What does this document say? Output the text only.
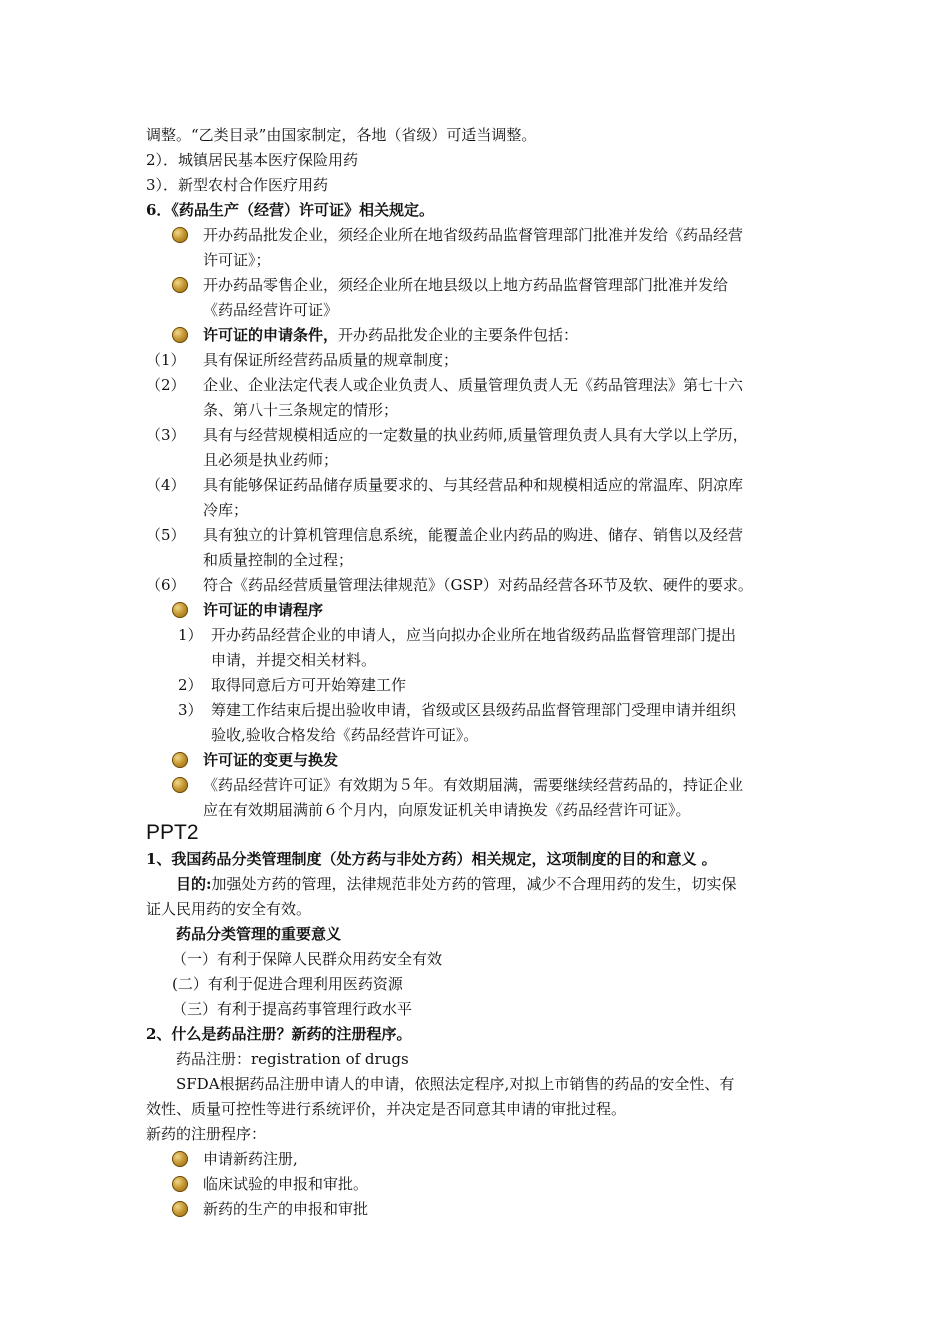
调整。“乙类目录”由国家制定，各地（省级）可适当调整。
2）．城镇居民基本医疗保险用药
3）．新型农村合作医疗用药
6．《药品生产（经营）许可证》相关规定。
开办药品批发企业，须经企业所在地省级药品监督管理部门批准并发给《药品经营
许可证》；
开办药品零售企业，须经企业所在地县级以上地方药品监督管理部门批准并发给
《药品经营许可证》
许可证的申请条件，开办药品批发企业的主要条件包括：
（1） 具有保证所经营药品质量的规章制度；
（2） 企业、企业法定代表人或企业负责人、质量管理负责人无《药品管理法》第七十六
条、第八十三条规定的情形；
（3） 具有与经营规模相适应的一定数量的执业药师,质量管理负责人具有大学以上学历，
且必须是执业药师；
（4） 具有能够保证药品储存质量要求的、与其经营品种和规模相适应的常温库、阴凉库
冷库；
（5） 具有独立的计算机管理信息系统，能覆盖企业内药品的购进、储存、销售以及经营
和质量控制的全过程；
（6） 符合《药品经营质量管理法律规范》（GSP）对药品经营各环节及软、硬件的要求。
许可证的申请程序
1） 开办药品经营企业的申请人，应当向拟办企业所在地省级药品监督管理部门提出
申请，并提交相关材料。
2） 取得同意后方可开始筹建工作
3） 筹建工作结束后提出验收申请，省级或区县级药品监督管理部门受理申请并组织
验收,验收合格发给《药品经营许可证》。
许可证的变更与换发
《药品经营许可证》有效期为５年。有效期届满，需要继续经营药品的，持证企业
应在有效期届满前６个月内，向原发证机关申请换发《药品经营许可证》。
PPT2
1、我国药品分类管理制度（处方药与非处方药）相关规定，这项制度的目的和意义 。
目的:加强处方药的管理，法律规范非处方药的管理，减少不合理用药的发生，切实保
证人民用药的安全有效。
药品分类管理的重要意义
（一）有利于保障人民群众用药安全有效
(二）有利于促进合理利用医药资源
（三）有利于提高药事管理行政水平
2、什么是药品注册？新药的注册程序。
药品注册：registration of drugs
SFDA根据药品注册申请人的申请，依照法定程序,对拟上市销售的药品的安全性、有
效性、质量可控性等进行系统评价，并决定是否同意其申请的审批过程。
新药的注册程序：
申请新药注册,
临床试验的申报和审批。
新药的生产的申报和审批
